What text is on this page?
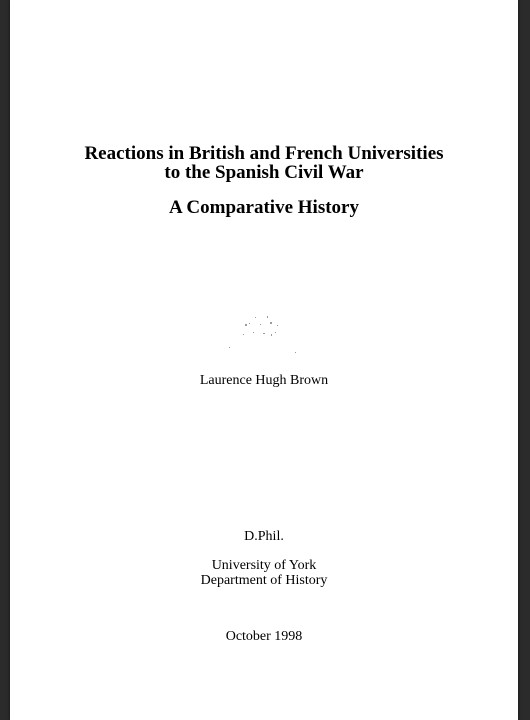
Reactions in British and French Universities
to the Spanish Civil War
A Comparative History
Laurence Hugh Brown
D.Phil.
University of York
Department of History
October 1998
